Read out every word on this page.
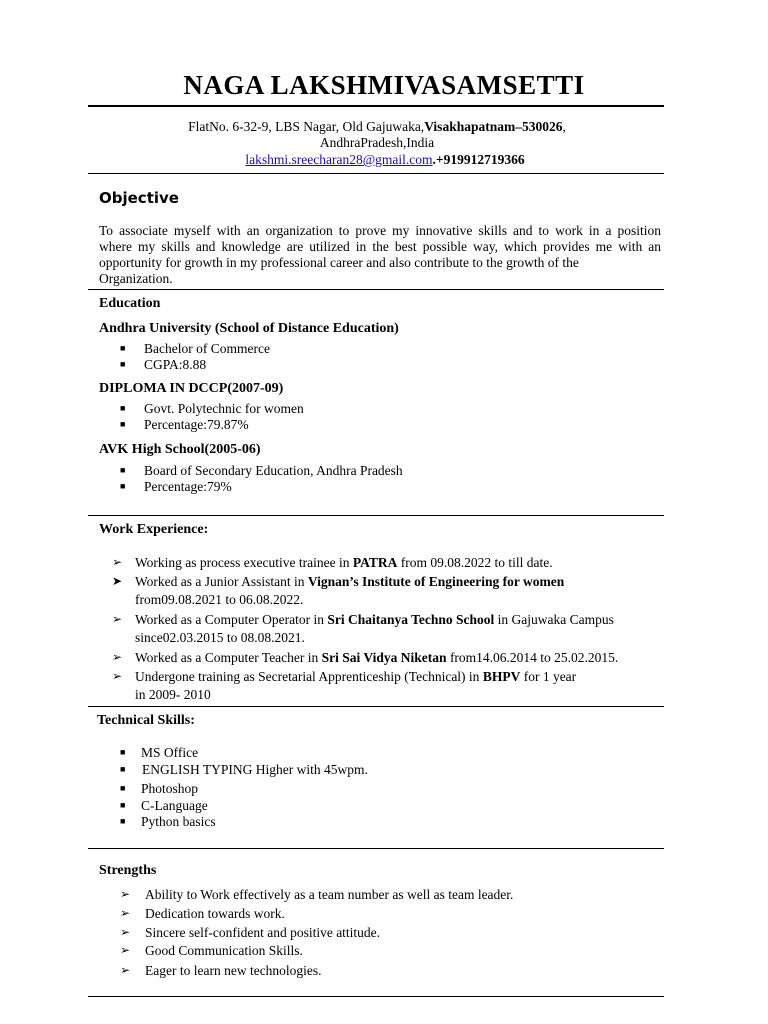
NAGA LAKSHMIVASAMSETTI
FlatNo. 6-32-9, LBS Nagar, Old Gajuwaka,Visakhapatnam–530026,
AndhraPradesh,India
lakshmi.sreecharan28@gmail.com.+919912719366
Objective
To associate myself with an organization to prove my innovative skills and to work in a position
where my skills and knowledge are utilized in the best possible way, which provides me with an
opportunity for growth in my professional career and also contribute to the growth of the
Organization.
Education
Andhra University (School of Distance Education)
■ Bachelor of Commerce
■ CGPA:8.88
DIPLOMA IN DCCP(2007-09)
■ Govt. Polytechnic for women
■ Percentage:79.87%
AVK High School(2005-06)
■ Board of Secondary Education, Andhra Pradesh
■ Percentage:79%
Work Experience:
➢ Working as process executive trainee in PATRA from 09.08.2022 to till date.
➤ Worked as a Junior Assistant in Vignan’s Institute of Engineering for women
from09.08.2021 to 06.08.2022.
➢ Worked as a Computer Operator in Sri Chaitanya Techno School in Gajuwaka Campus
since02.03.2015 to 08.08.2021.
➢ Worked as a Computer Teacher in Sri Sai Vidya Niketan from14.06.2014 to 25.02.2015.
➢ Undergone training as Secretarial Apprenticeship (Technical) in BHPV for 1 year
in 2009- 2010
Technical Skills:
■ MS Office
■ ENGLISH TYPING Higher with 45wpm.
■ Photoshop
■ C-Language
■ Python basics
Strengths
➢ Ability to Work effectively as a team number as well as team leader.
➢ Dedication towards work.
➢ Sincere self-confident and positive attitude.
➢ Good Communication Skills.
➢ Eager to learn new technologies.
